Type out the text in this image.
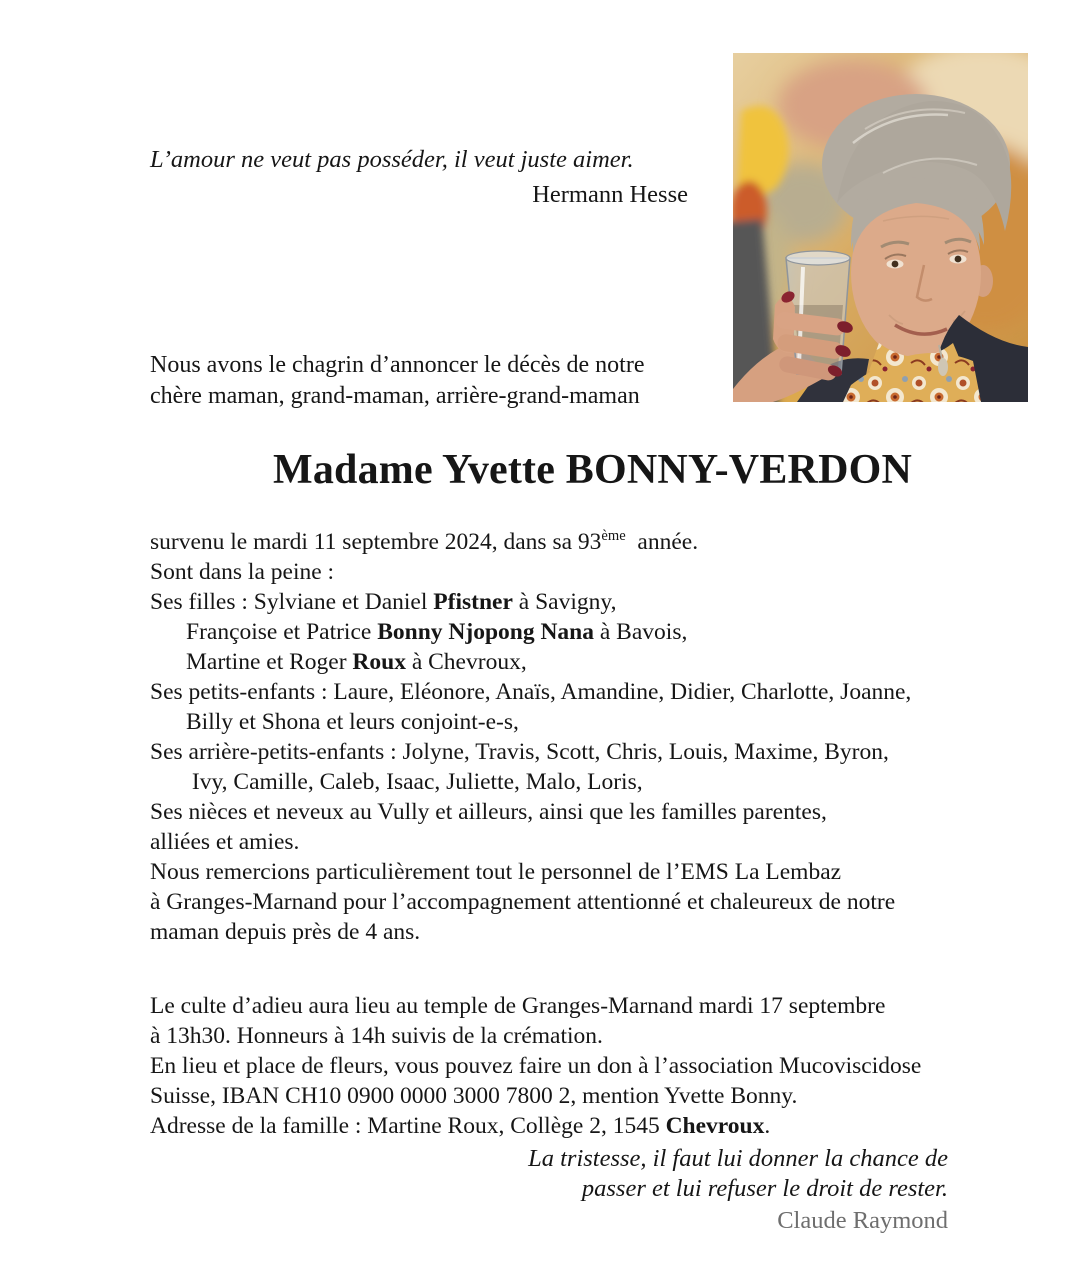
L’amour ne veut pas posséder, il veut juste aimer.
Hermann Hesse
Nous avons le chagrin d’annoncer le décès de notre
chère maman, grand-maman, arrière-grand-maman
Madame Yvette BONNY-VERDON
survenu le mardi 11 septembre 2024, dans sa 93ème  année.
Sont dans la peine :
Ses filles : Sylviane et Daniel Pfistner à Savigny,
Françoise et Patrice Bonny Njopong Nana à Bavois,
Martine et Roger Roux à Chevroux,
Ses petits-enfants : Laure, Eléonore, Anaïs, Amandine, Didier, Charlotte, Joanne,
Billy et Shona et leurs conjoint-e-s,
Ses arrière-petits-enfants : Jolyne, Travis, Scott, Chris, Louis, Maxime, Byron,
Ivy, Camille, Caleb, Isaac, Juliette, Malo, Loris,
Ses nièces et neveux au Vully et ailleurs, ainsi que les familles parentes,
alliées et amies.
Nous remercions particulièrement tout le personnel de l’EMS La Lembaz
à Granges-Marnand pour l’accompagnement attentionné et chaleureux de notre
maman depuis près de 4 ans.
Le culte d’adieu aura lieu au temple de Granges-Marnand mardi 17 septembre
à 13h30. Honneurs à 14h suivis de la crémation.
En lieu et place de fleurs, vous pouvez faire un don à l’association Mucoviscidose
Suisse, IBAN CH10 0900 0000 3000 7800 2, mention Yvette Bonny.
Adresse de la famille : Martine Roux, Collège 2, 1545 Chevroux.
La tristesse, il faut lui donner la chance de
passer et lui refuser le droit de rester.
Claude Raymond
